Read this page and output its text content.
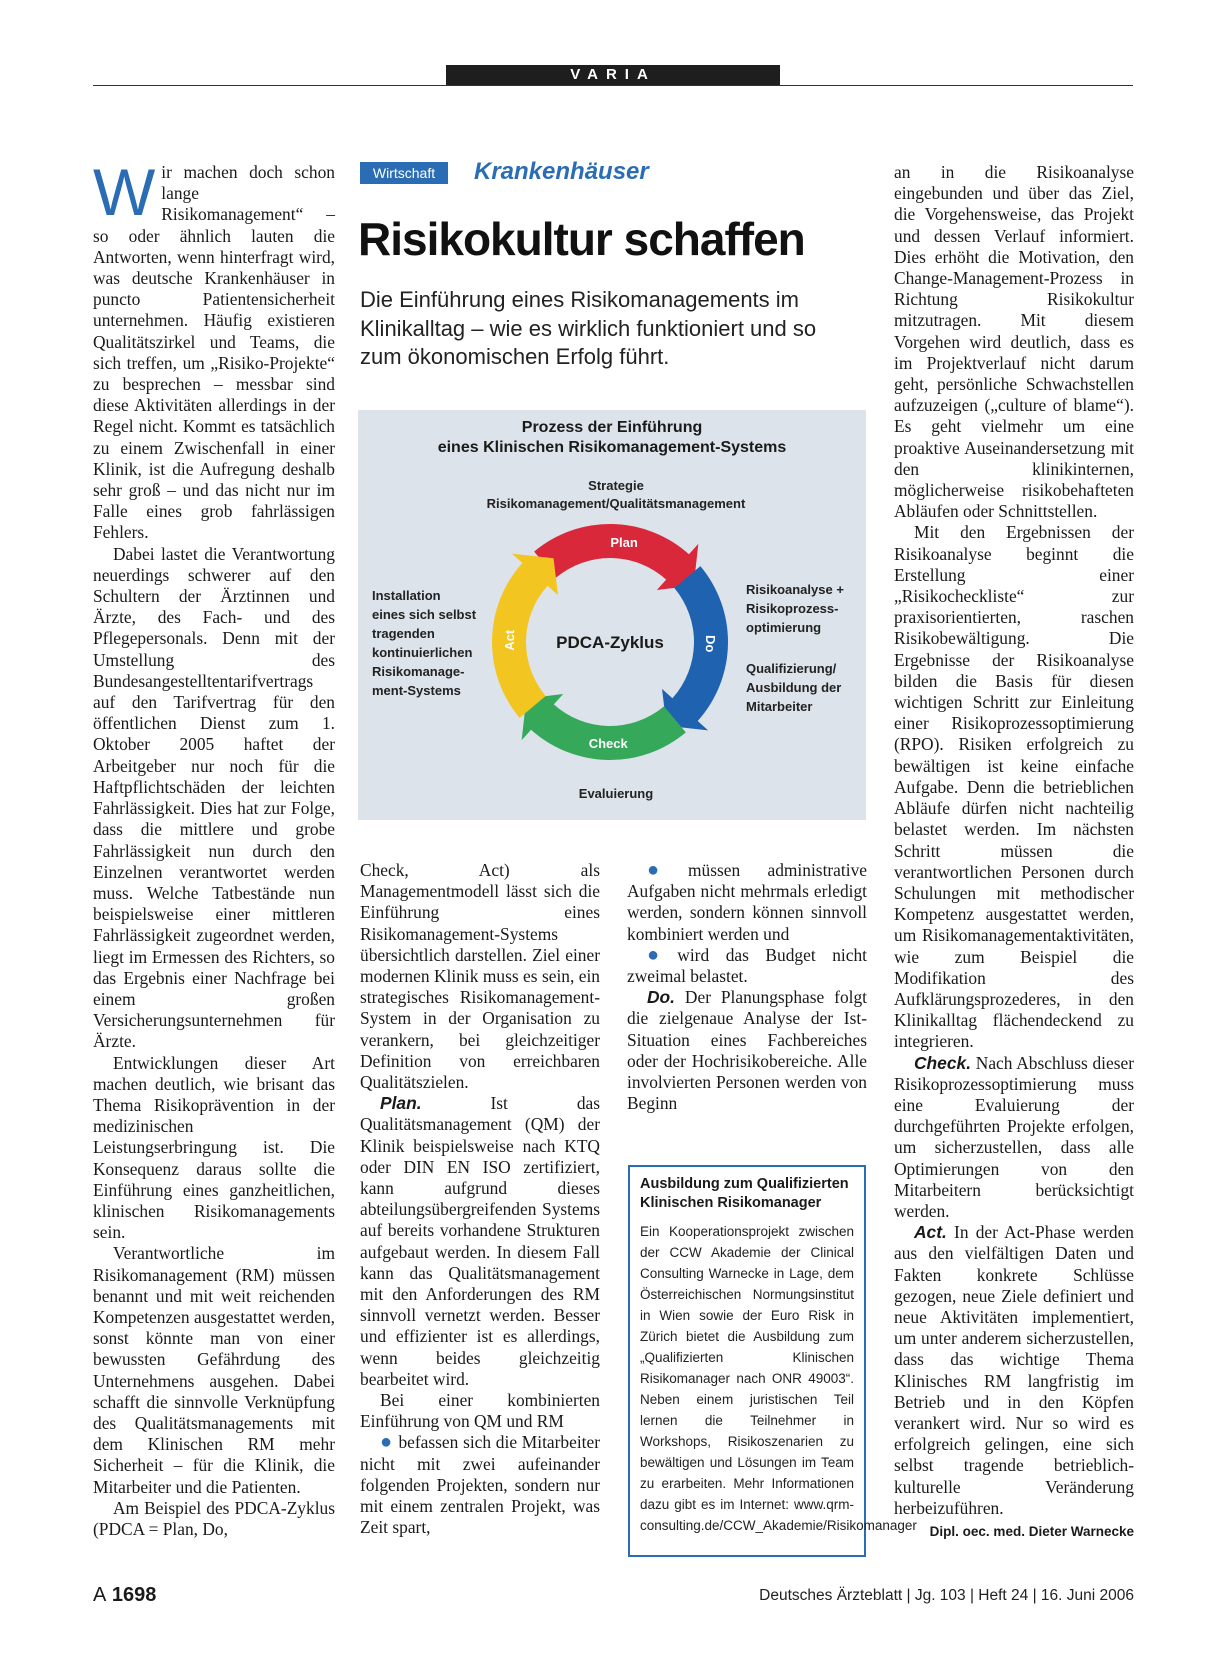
VARIA

Wir machen doch schon lange Risikomanagement“ – so oder ähnlich lauten die Antworten, wenn hinterfragt wird, was deutsche Krankenhäuser in puncto Patientensicherheit unternehmen. Häufig existieren Qualitätszirkel und Teams, die sich treffen, um „Risiko-Projekte“ zu besprechen – messbar sind diese Aktivitäten allerdings in der Regel nicht. Kommt es tatsächlich zu einem Zwischenfall in einer Klinik, ist die Aufregung deshalb sehr groß – und das nicht nur im Falle eines grob fahrlässigen Fehlers.

Dabei lastet die Verantwortung neuerdings schwerer auf den Schultern der Ärztinnen und Ärzte, des Fach- und des Pflegepersonals. Denn mit der Umstellung des Bundesangestelltentarifvertrags auf den Tarifvertrag für den öffentlichen Dienst zum 1. Oktober 2005 haftet der Arbeitgeber nur noch für die Haftpflichtschäden der leichten Fahrlässigkeit. Dies hat zur Folge, dass die mittlere und grobe Fahrlässigkeit nun durch den Einzelnen verantwortet werden muss. Welche Tatbestände nun beispielsweise einer mittleren Fahrlässigkeit zugeordnet werden, liegt im Ermessen des Richters, so das Ergebnis einer Nachfrage bei einem großen Versicherungsunternehmen für Ärzte.

Entwicklungen dieser Art machen deutlich, wie brisant das Thema Risikoprävention in der medizinischen Leistungserbringung ist. Die Konsequenz daraus sollte die Einführung eines ganzheitlichen, klinischen Risikomanagements sein.

Verantwortliche im Risikomanagement (RM) müssen benannt und mit weit reichenden Kompetenzen ausgestattet werden, sonst könnte man von einer bewussten Gefährdung des Unternehmens ausgehen. Dabei schafft die sinnvolle Verknüpfung des Qualitätsmanagements mit dem Klinischen RM mehr Sicherheit – für die Klinik, die Mitarbeiter und die Patienten.

Am Beispiel des PDCA-Zyklus (PDCA = Plan, Do,

Wirtschaft	Krankenhäuser
Risikokultur schaffen
Die Einführung eines Risikomanagements im Klinikalltag – wie es wirklich funktioniert und so zum ökonomischen Erfolg führt.
Prozess der Einführung
eines Klinischen Risikomanagement-Systems
Strategie
Risikomanagement/Qualitätsmanagement
Plan
Do
Check
Act PDCA-Zyklus
Installation
eines sich selbst
tragenden
kontinuierlichen
Risikomanage-
ment-Systems
Risikoanalyse +
Risikoprozess-
optimierung
Qualifizierung/
Ausbildung der
Mitarbeiter
Evaluierung

Check, Act) als Managementmodell lässt sich die Einführung eines Risikomanagement-Systems übersichtlich darstellen. Ziel einer modernen Klinik muss es sein, ein strategisches Risikomanagement-System in der Organisation zu verankern, bei gleichzeitiger Definition von erreichbaren Qualitätszielen.

Plan.	Ist das Qualitätsmanagement (QM) der Klinik beispielsweise nach KTQ oder DIN EN ISO zertifiziert, kann aufgrund dieses abteilungsübergreifenden Systems auf bereits vorhandene Strukturen aufgebaut werden. In diesem Fall kann das Qualitätsmanagement mit den Anforderungen des RM sinnvoll vernetzt werden. Besser und effizienter ist es allerdings, wenn beides gleichzeitig bearbeitet wird.

Bei einer kombinierten Einführung von QM und RM

● befassen sich die Mitarbeiter nicht mit zwei aufeinander folgenden Projekten, sondern nur mit einem zentralen Projekt, was Zeit spart,

● müssen administrative Aufgaben nicht mehrmals erledigt werden, sondern können sinnvoll kombiniert werden und

● wird das Budget nicht zweimal belastet.

Do. Der Planungsphase folgt die zielgenaue Analyse der Ist-Situation eines Fachbereiches oder der Hochrisikobereiche. Alle involvierten Personen werden von Beginn

Ausbildung zum Qualifizierten Klinischen Risikomanager
Ein Kooperationsprojekt zwischen der CCW Akademie der Clinical Consulting Warnecke in Lage, dem Österreichischen Normungsinstitut in Wien sowie der Euro Risk in Zürich bietet die Ausbildung zum „Qualifizierten Klinischen Risikomanager nach ONR 49003“. Neben einem juristischen Teil lernen die Teilnehmer in Workshops, Risikoszenarien zu bewältigen und Lösungen im Team zu erarbeiten. Mehr Informationen dazu gibt es im Internet: www.qrm-consulting.de/CCW_Akademie/Risikomanager

an in die Risikoanalyse eingebunden und über das Ziel, die Vorgehensweise, das Projekt und dessen Verlauf informiert. Dies erhöht die Motivation, den Change-Management-Prozess in Richtung Risikokultur mitzutragen. Mit diesem Vorgehen wird deutlich, dass es im Projektverlauf nicht darum geht, persönliche Schwachstellen aufzuzeigen („culture of blame“). Es geht vielmehr um eine proaktive Auseinandersetzung mit den klinikinternen, möglicherweise risikobehafteten Abläufen oder Schnittstellen.

Mit den Ergebnissen der Risikoanalyse beginnt die Erstellung einer „Risikocheckliste“ zur praxisorientierten, raschen Risikobewältigung. Die Ergebnisse der Risikoanalyse bilden die Basis für diesen wichtigen Schritt zur Einleitung einer Risikoprozessoptimierung (RPO). Risiken erfolgreich zu bewältigen ist keine einfache Aufgabe. Denn die betrieblichen Abläufe dürfen nicht nachteilig belastet werden. Im nächsten Schritt müssen die verantwortlichen Personen durch Schulungen mit methodischer Kompetenz ausgestattet werden, um Risikomanagementaktivitäten, wie zum Beispiel die Modifikation des Aufklärungsprozederes, in den Klinikalltag flächendeckend zu integrieren.

Check. Nach Abschluss dieser Risikoprozessoptimierung muss eine Evaluierung der durchgeführten Projekte erfolgen, um sicherzustellen, dass alle Optimierungen von den Mitarbeitern berücksichtigt werden.

Act. In der Act-Phase werden aus den vielfältigen Daten und Fakten konkrete Schlüsse gezogen, neue Ziele definiert und neue Aktivitäten implementiert, um unter anderem sicherzustellen, dass das wichtige Thema Klinisches RM langfristig im Betrieb und in den Köpfen verankert wird. Nur so wird es erfolgreich gelingen, eine sich selbst tragende betrieblich-kulturelle Veränderung herbeizuführen.

Dipl. oec. med. Dieter Warnecke
A 1698	Deutsches Ärzteblatt | Jg. 103 | Heft 24 | 16. Juni 2006
